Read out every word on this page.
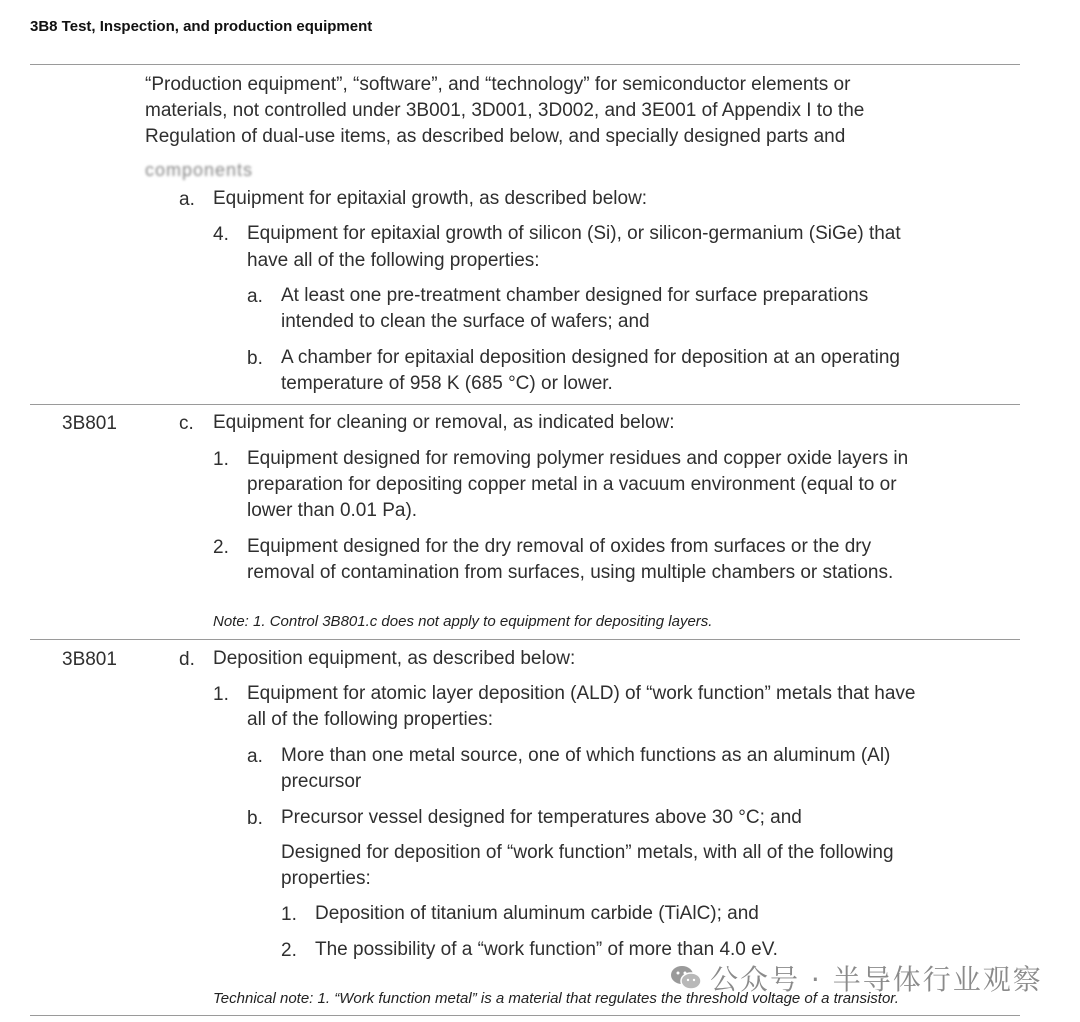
3B8 Test, Inspection, and production equipment
“Production equipment”, “software”, and “technology” for semiconductor elements or
materials, not controlled under 3B001, 3D001, 3D002, and 3E001 of Appendix I to the
Regulation of dual-use items, as described below, and specially designed parts and
components
a. Equipment for epitaxial growth, as described below:
4. Equipment for epitaxial growth of silicon (Si), or silicon-germanium (SiGe) that
have all of the following properties:
a. At least one pre-treatment chamber designed for surface preparations
intended to clean the surface of wafers; and
b. A chamber for epitaxial deposition designed for deposition at an operating
temperature of 958 K (685 °C) or lower.
3B801	c. Equipment for cleaning or removal, as indicated below:
1. Equipment designed for removing polymer residues and copper oxide layers in
preparation for depositing copper metal in a vacuum environment (equal to or
lower than 0.01 Pa).
2. Equipment designed for the dry removal of oxides from surfaces or the dry
removal of contamination from surfaces, using multiple chambers or stations.
Note: 1. Control 3B801.c does not apply to equipment for depositing layers.
3B801	d. Deposition equipment, as described below:
1. Equipment for atomic layer deposition (ALD) of “work function” metals that have
all of the following properties:
a. More than one metal source, one of which functions as an aluminum (Al)
precursor
b. Precursor vessel designed for temperatures above 30 °C; and
Designed for deposition of “work function” metals, with all of the following
properties:
1. Deposition of titanium aluminum carbide (TiAlC); and
2. The possibility of a “work function” of more than 4.0 eV.
Technical note: 1. “Work function metal” is a material that regulates the threshold voltage of a transistor.
公众号 · 半导体行业观察
